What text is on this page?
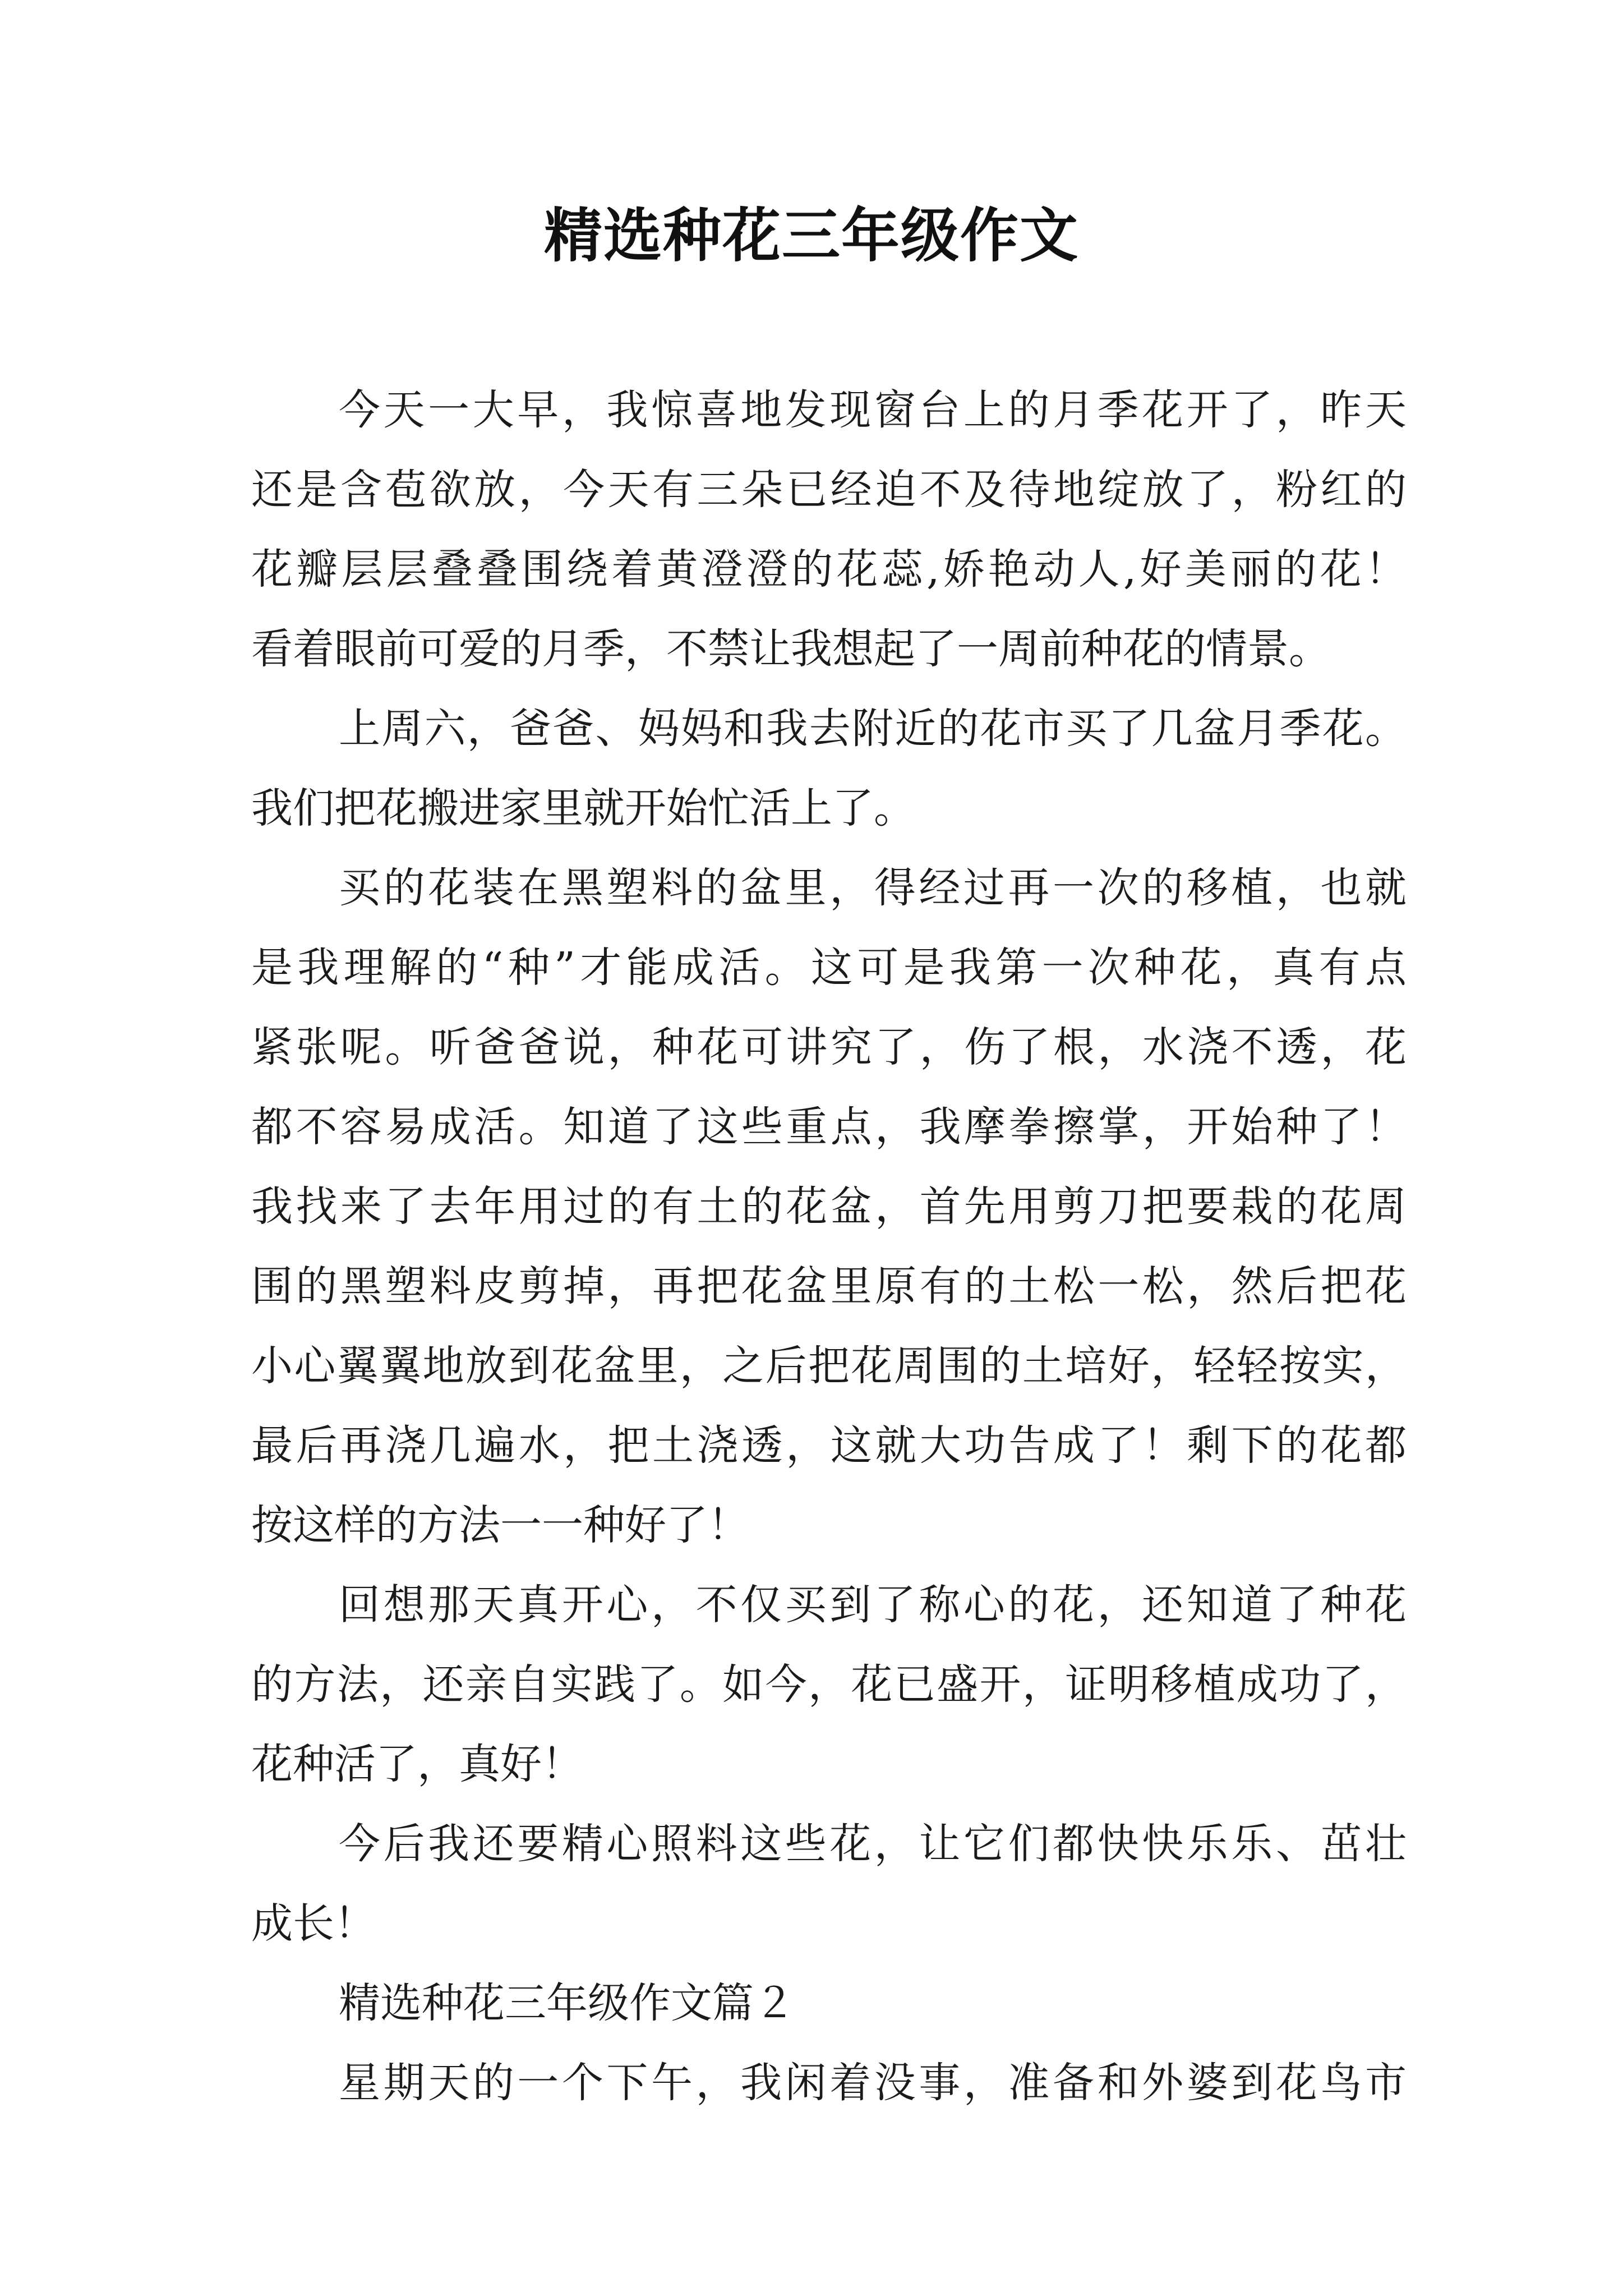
精选种花三年级作文
今天一大早，我惊喜地发现窗台上的月季花开了，昨天
还是含苞欲放，今天有三朵已经迫不及待地绽放了，粉红的
花瓣层层叠叠围绕着黄澄澄的花蕊,娇艳动人,好美丽的花！
看着眼前可爱的月季，不禁让我想起了一周前种花的情景。
上周六，爸爸、妈妈和我去附近的花市买了几盆月季花。
我们把花搬进家里就开始忙活上了。
买的花装在黑塑料的盆里，得经过再一次的移植，也就
是我理解的“种”才能成活。这可是我第一次种花，真有点
紧张呢。听爸爸说，种花可讲究了，伤了根，水浇不透，花
都不容易成活。知道了这些重点，我摩拳擦掌，开始种了！
我找来了去年用过的有土的花盆，首先用剪刀把要栽的花周
围的黑塑料皮剪掉，再把花盆里原有的土松一松，然后把花
小心翼翼地放到花盆里，之后把花周围的土培好，轻轻按实，
最后再浇几遍水，把土浇透，这就大功告成了！剩下的花都
按这样的方法一一种好了！
回想那天真开心，不仅买到了称心的花，还知道了种花
的方法，还亲自实践了。如今，花已盛开，证明移植成功了，
花种活了，真好！
今后我还要精心照料这些花，让它们都快快乐乐、茁壮
成长！
精选种花三年级作文篇２
星期天的一个下午，我闲着没事，准备和外婆到花鸟市
